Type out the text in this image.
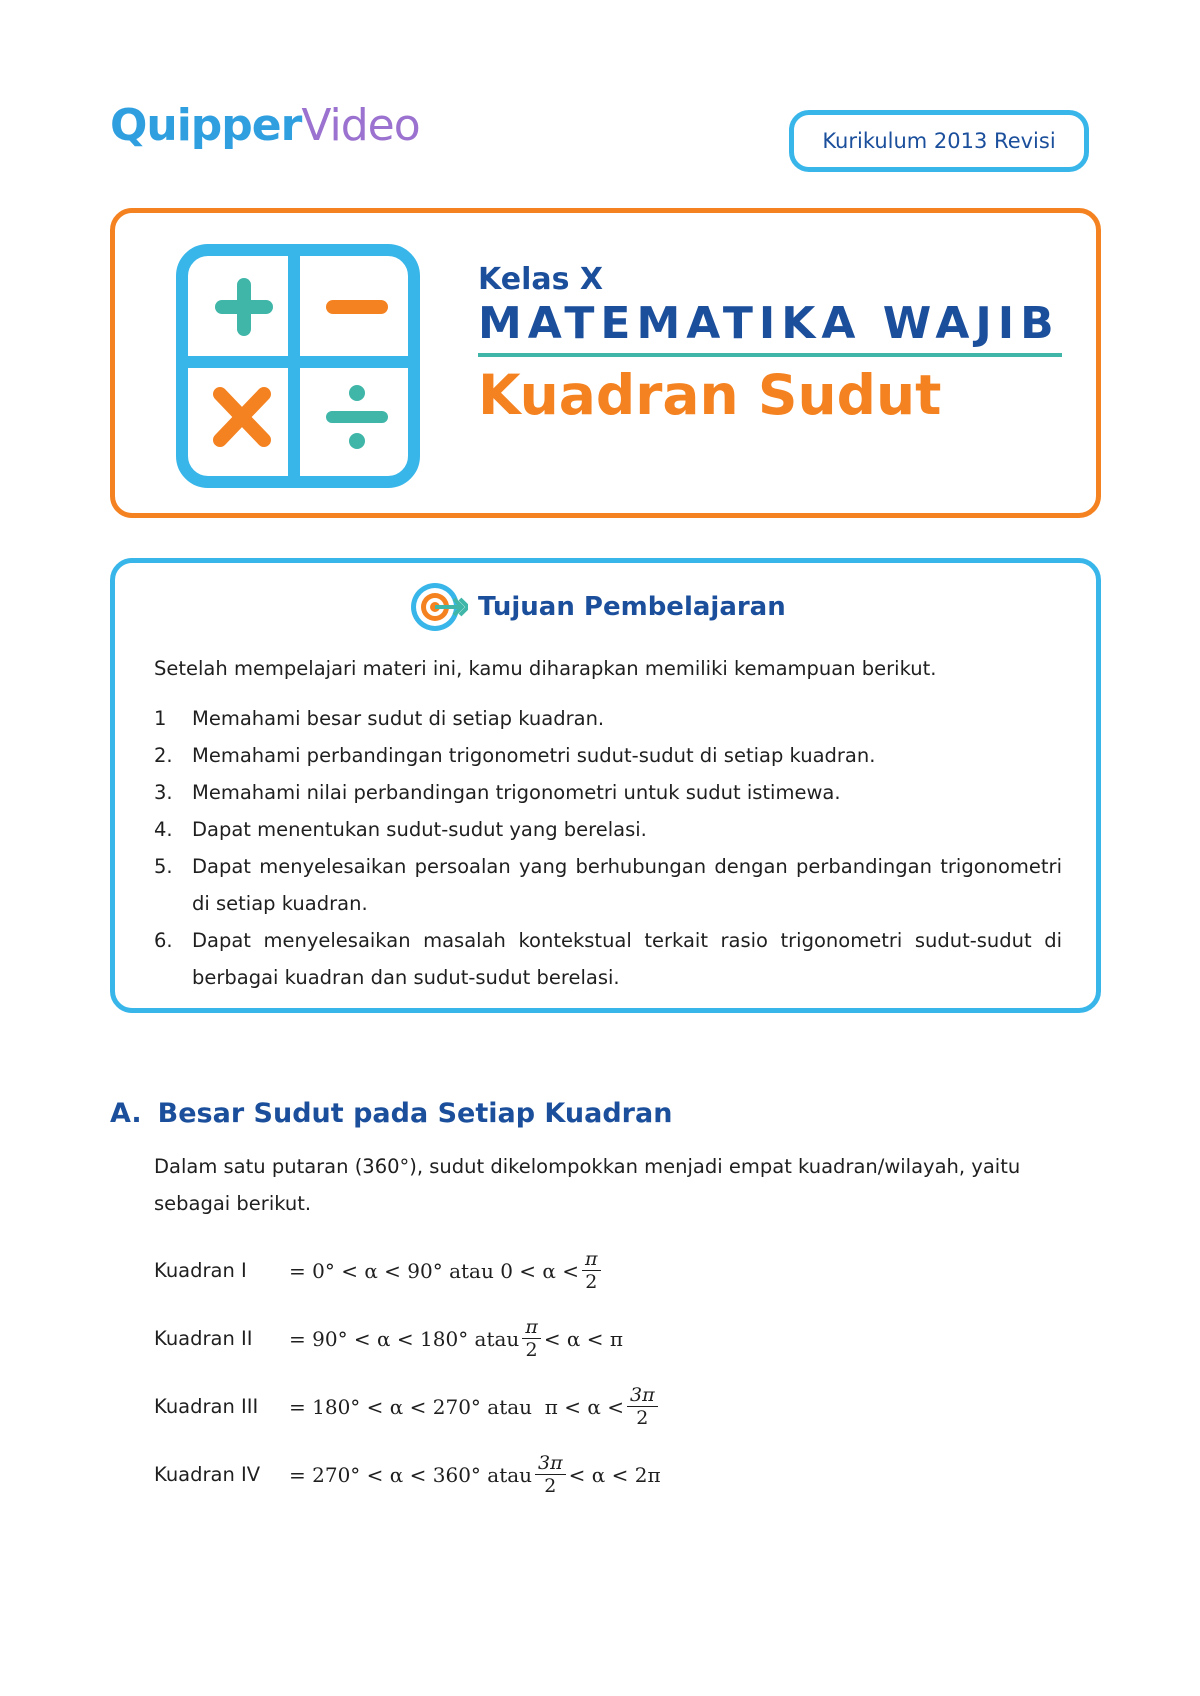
QuipperVideo	Kurikulum 2013 Revisi
Kelas X
MATEMATIKA WAJIB
Kuadran Sudut
Tujuan Pembelajaran
Setelah mempelajari materi ini, kamu diharapkan memiliki kemampuan berikut.
1	Memahami besar sudut di setiap kuadran.
2. Memahami perbandingan trigonometri sudut-sudut di setiap kuadran.
3. Memahami nilai perbandingan trigonometri untuk sudut istimewa.
4. Dapat menentukan sudut-sudut yang berelasi.
5. Dapat menyelesaikan persoalan yang berhubungan dengan perbandingan trigonometri di setiap kuadran.
6. Dapat menyelesaikan masalah kontekstual terkait rasio trigonometri sudut-sudut di berbagai kuadran dan sudut-sudut berelasi.
A. Besar Sudut pada Setiap Kuadran
Dalam satu putaran (360°), sudut dikelompokkan menjadi empat kuadran/wilayah, yaitu sebagai berikut.
Kuadran I	= 0° < α < 90° atau $0 < \alpha < \frac{\pi}{2}$
Kuadran II	= 90° < α < 180° atau $\frac{\pi}{2} < \alpha < \pi$
Kuadran III	= 180° < α < 270° atau  $\pi < \alpha < \frac{3\pi}{2}$
Kuadran IV	= 270° < α < 360° atau $\frac{3\pi}{2} < \alpha < 2\pi$
